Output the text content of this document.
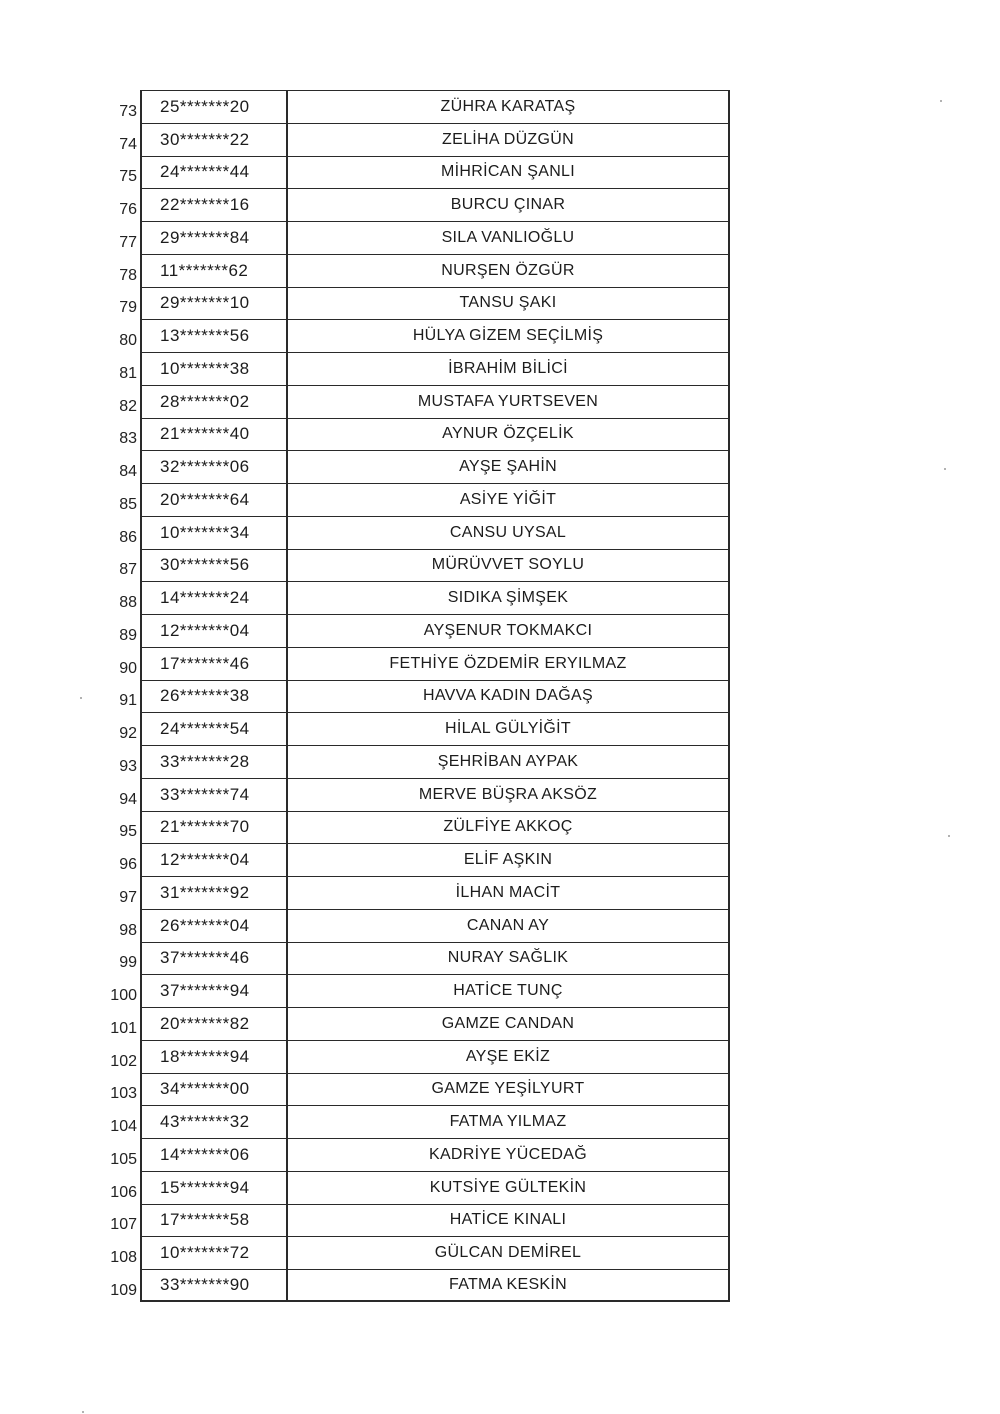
73	25*******20	ZÜHRA KARATAŞ
74	30*******22	ZELİHA DÜZGÜN
75	24*******44	MİHRİCAN ŞANLI
76	22*******16	BURCU ÇINAR
77	29*******84	SILA VANLIOĞLU
78	11*******62	NURŞEN ÖZGÜR
79	29*******10	TANSU ŞAKI
80	13*******56	HÜLYA GİZEM SEÇİLMİŞ
81	10*******38	İBRAHİM BİLİCİ
82	28*******02	MUSTAFA YURTSEVEN
83	21*******40	AYNUR ÖZÇELİK
84	32*******06	AYŞE ŞAHİN
85	20*******64	ASİYE YİĞİT
86	10*******34	CANSU UYSAL
87	30*******56	MÜRÜVVET SOYLU
88	14*******24	SIDIKA ŞİMŞEK
89	12*******04	AYŞENUR TOKMAKCI
90	17*******46	FETHİYE ÖZDEMİR ERYILMAZ
91	26*******38	HAVVA KADIN DAĞAŞ
92	24*******54	HİLAL GÜLYİĞİT
93	33*******28	ŞEHRİBAN AYPAK
94	33*******74	MERVE BÜŞRA AKSÖZ
95	21*******70	ZÜLFİYE AKKOÇ
96	12*******04	ELİF AŞKIN
97	31*******92	İLHAN MACİT
98	26*******04	CANAN AY
99	37*******46	NURAY SAĞLIK
100	37*******94	HATİCE TUNÇ
101	20*******82	GAMZE CANDAN
102	18*******94	AYŞE EKİZ
103	34*******00	GAMZE YEŞİLYURT
104	43*******32	FATMA YILMAZ
105	14*******06	KADRİYE YÜCEDAĞ
106	15*******94	KUTSİYE GÜLTEKİN
107	17*******58	HATİCE KINALI
108	10*******72	GÜLCAN DEMİREL
109	33*******90	FATMA KESKİN
